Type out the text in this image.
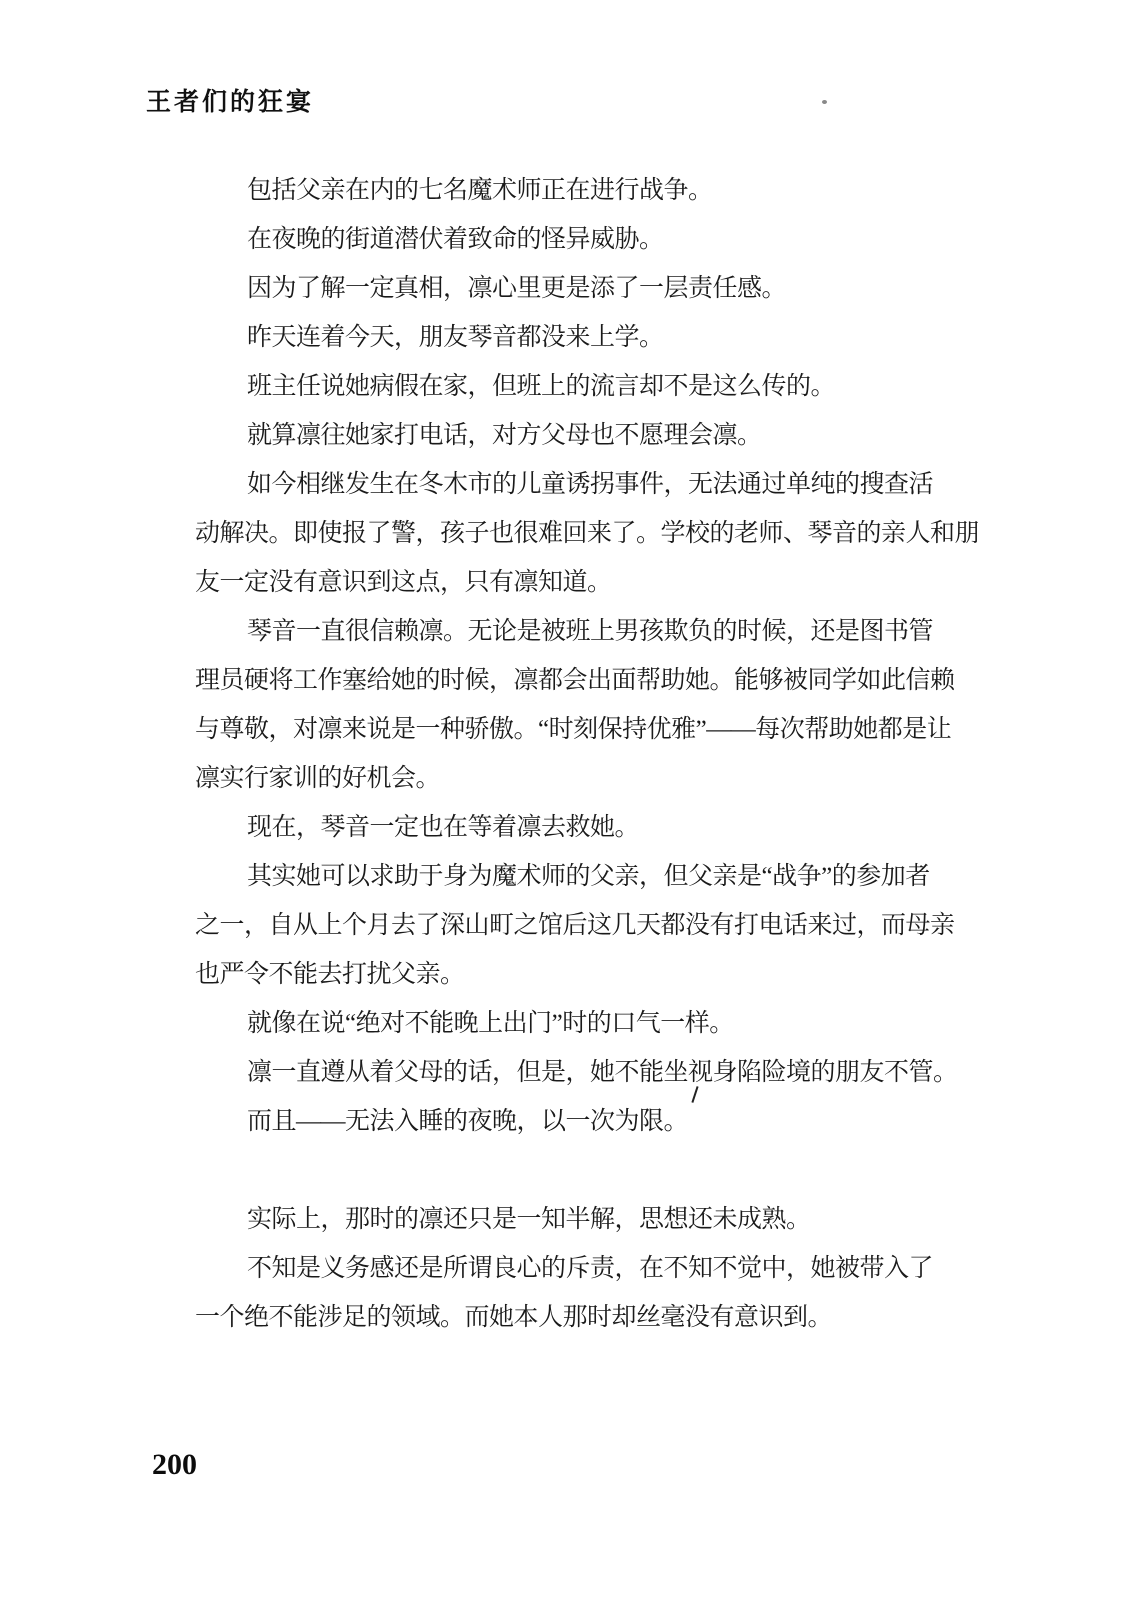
王者们的狂宴
包括父亲在内的七名魔术师正在进行战争。
在夜晚的街道潜伏着致命的怪异威胁。
因为了解一定真相，凛心里更是添了一层责任感。
昨天连着今天，朋友琴音都没来上学。
班主任说她病假在家，但班上的流言却不是这么传的。
就算凛往她家打电话，对方父母也不愿理会凛。
如今相继发生在冬木市的儿童诱拐事件，无法通过单纯的搜查活
动解决。即使报了警，孩子也很难回来了。学校的老师、琴音的亲人和朋
友一定没有意识到这点，只有凛知道。
琴音一直很信赖凛。无论是被班上男孩欺负的时候，还是图书管
理员硬将工作塞给她的时候，凛都会出面帮助她。能够被同学如此信赖
与尊敬，对凛来说是一种骄傲。“时刻保持优雅”——每次帮助她都是让
凛实行家训的好机会。
现在，琴音一定也在等着凛去救她。
其实她可以求助于身为魔术师的父亲，但父亲是“战争”的参加者
之一，自从上个月去了深山町之馆后这几天都没有打电话来过，而母亲
也严令不能去打扰父亲。
就像在说“绝对不能晚上出门”时的口气一样。
凛一直遵从着父母的话，但是，她不能坐视身陷险境的朋友不管。
而且——无法入睡的夜晚，以一次为限。
实际上，那时的凛还只是一知半解，思想还未成熟。
不知是义务感还是所谓良心的斥责，在不知不觉中，她被带入了
一个绝不能涉足的领域。而她本人那时却丝毫没有意识到。
200
